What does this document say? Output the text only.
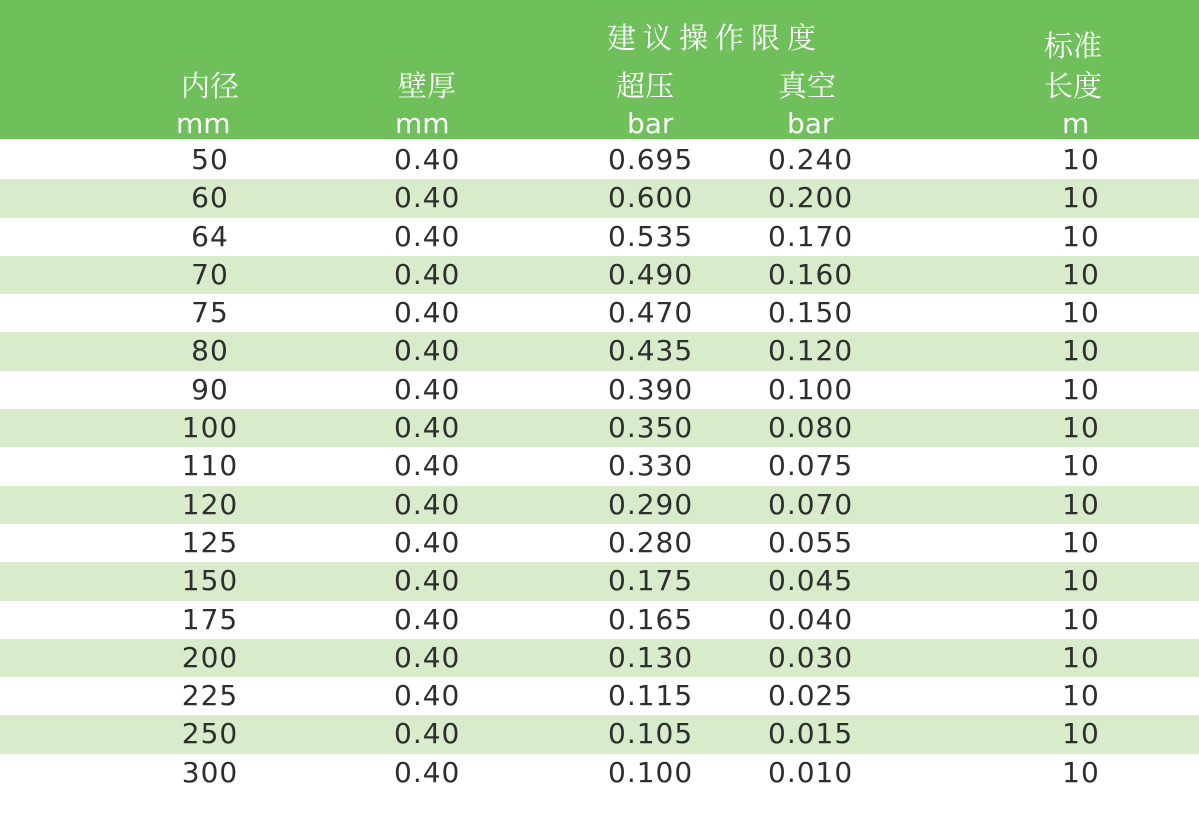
建议操作限度	标准
内径	壁厚	超压	真空	长度
mm	mm	bar	bar	m
50	0.40	0.695	0.240	10
60	0.40	0.600	0.200	10
64	0.40	0.535	0.170	10
70	0.40	0.490	0.160	10
75	0.40	0.470	0.150	10
80	0.40	0.435	0.120	10
90	0.40	0.390	0.100	10
100	0.40	0.350	0.080	10
110	0.40	0.330	0.075	10
120	0.40	0.290	0.070	10
125	0.40	0.280	0.055	10
150	0.40	0.175	0.045	10
175	0.40	0.165	0.040	10
200	0.40	0.130	0.030	10
225	0.40	0.115	0.025	10
250	0.40	0.105	0.015	10
300	0.40	0.100	0.010	10
